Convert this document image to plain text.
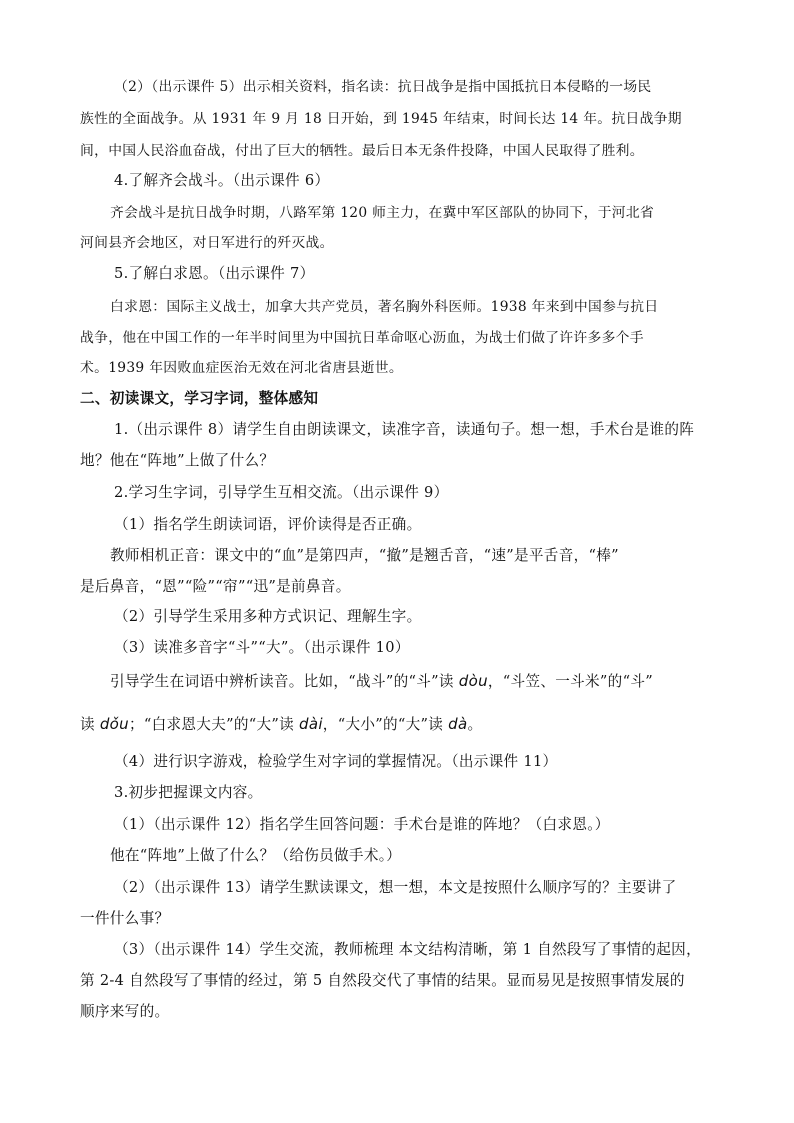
（2）（出示课件 5）出示相关资料，指名读：抗日战争是指中国抵抗日本侵略的一场民

族性的全面战争。从 1931 年 9 月 18 日开始，到 1945 年结束，时间长达 14 年。抗日战争期

间，中国人民浴血奋战，付出了巨大的牺牲。最后日本无条件投降，中国人民取得了胜利。

4.了解齐会战斗。（出示课件 6）

齐会战斗是抗日战争时期，八路军第 120 师主力，在冀中军区部队的协同下，于河北省

河间县齐会地区，对日军进行的歼灭战。

5.了解白求恩。（出示课件 7）

白求恩：国际主义战士，加拿大共产党员，著名胸外科医师。1938 年来到中国参与抗日

战争，他在中国工作的一年半时间里为中国抗日革命呕心沥血，为战士们做了许许多多个手

术。1939 年因败血症医治无效在河北省唐县逝世。

二、初读课文，学习字词，整体感知

1.（出示课件 8）请学生自由朗读课文，读准字音，读通句子。想一想，手术台是谁的阵

地？他在“阵地”上做了什么？

2.学习生字词，引导学生互相交流。（出示课件 9）

（1）指名学生朗读词语，评价读得是否正确。

教师相机正音：课文中的“血”是第四声，“撤”是翘舌音，“速”是平舌音，“棒”

是后鼻音，“恩”“险”“帘”“迅”是前鼻音。

（2）引导学生采用多种方式识记、理解生字。

（3）读准多音字“斗”“大”。（出示课件 10）

引导学生在词语中辨析读音。比如，“战斗”的“斗”读 dòu，“斗笠、一斗米”的“斗”

读 dǒu；“白求恩大夫”的“大”读 dài，“大小”的“大”读 dà。

（4）进行识字游戏，检验学生对字词的掌握情况。（出示课件 11）

3.初步把握课文内容。

（1）（出示课件 12）指名学生回答问题：手术台是谁的阵地？（白求恩。）

他在“阵地”上做了什么？（给伤员做手术。）

（2）（出示课件 13）请学生默读课文，想一想，本文是按照什么顺序写的？主要讲了

一件什么事？

（3）（出示课件 14）学生交流，教师梳理 本文结构清晰，第 1 自然段写了事情的起因，

第 2-4 自然段写了事情的经过，第 5 自然段交代了事情的结果。显而易见是按照事情发展的

顺序来写的。
